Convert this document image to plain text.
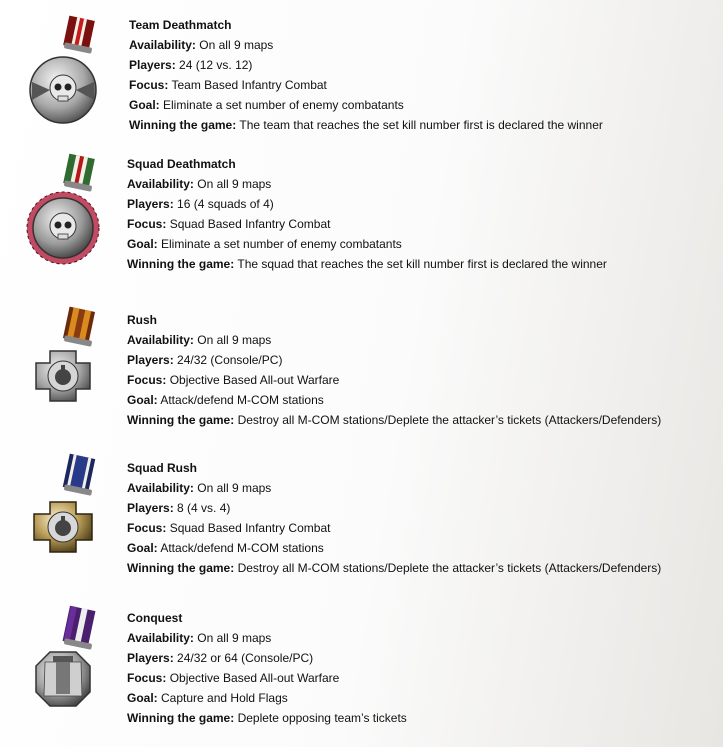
Team Deathmatch
Availability: On all 9 maps
Players: 24 (12 vs. 12)
Focus: Team Based Infantry Combat
Goal: Eliminate a set number of enemy combatants
Winning the game: The team that reaches the set kill number first is declared the winner
Squad Deathmatch
Availability: On all 9 maps
Players: 16 (4 squads of 4)
Focus: Squad Based Infantry Combat
Goal: Eliminate a set number of enemy combatants
Winning the game: The squad that reaches the set kill number first is declared the winner
Rush
Availability: On all 9 maps
Players: 24/32 (Console/PC)
Focus: Objective Based All-out Warfare
Goal: Attack/defend M-COM stations
Winning the game: Destroy all M-COM stations/Deplete the attacker’s tickets (Attackers/Defenders)
Squad Rush
Availability: On all 9 maps
Players: 8 (4 vs. 4)
Focus: Squad Based Infantry Combat
Goal: Attack/defend M-COM stations
Winning the game: Destroy all M-COM stations/Deplete the attacker’s tickets (Attackers/Defenders)
Conquest
Availability: On all 9 maps
Players: 24/32 or 64 (Console/PC)
Focus: Objective Based All-out Warfare
Goal: Capture and Hold Flags
Winning the game: Deplete opposing team’s tickets
